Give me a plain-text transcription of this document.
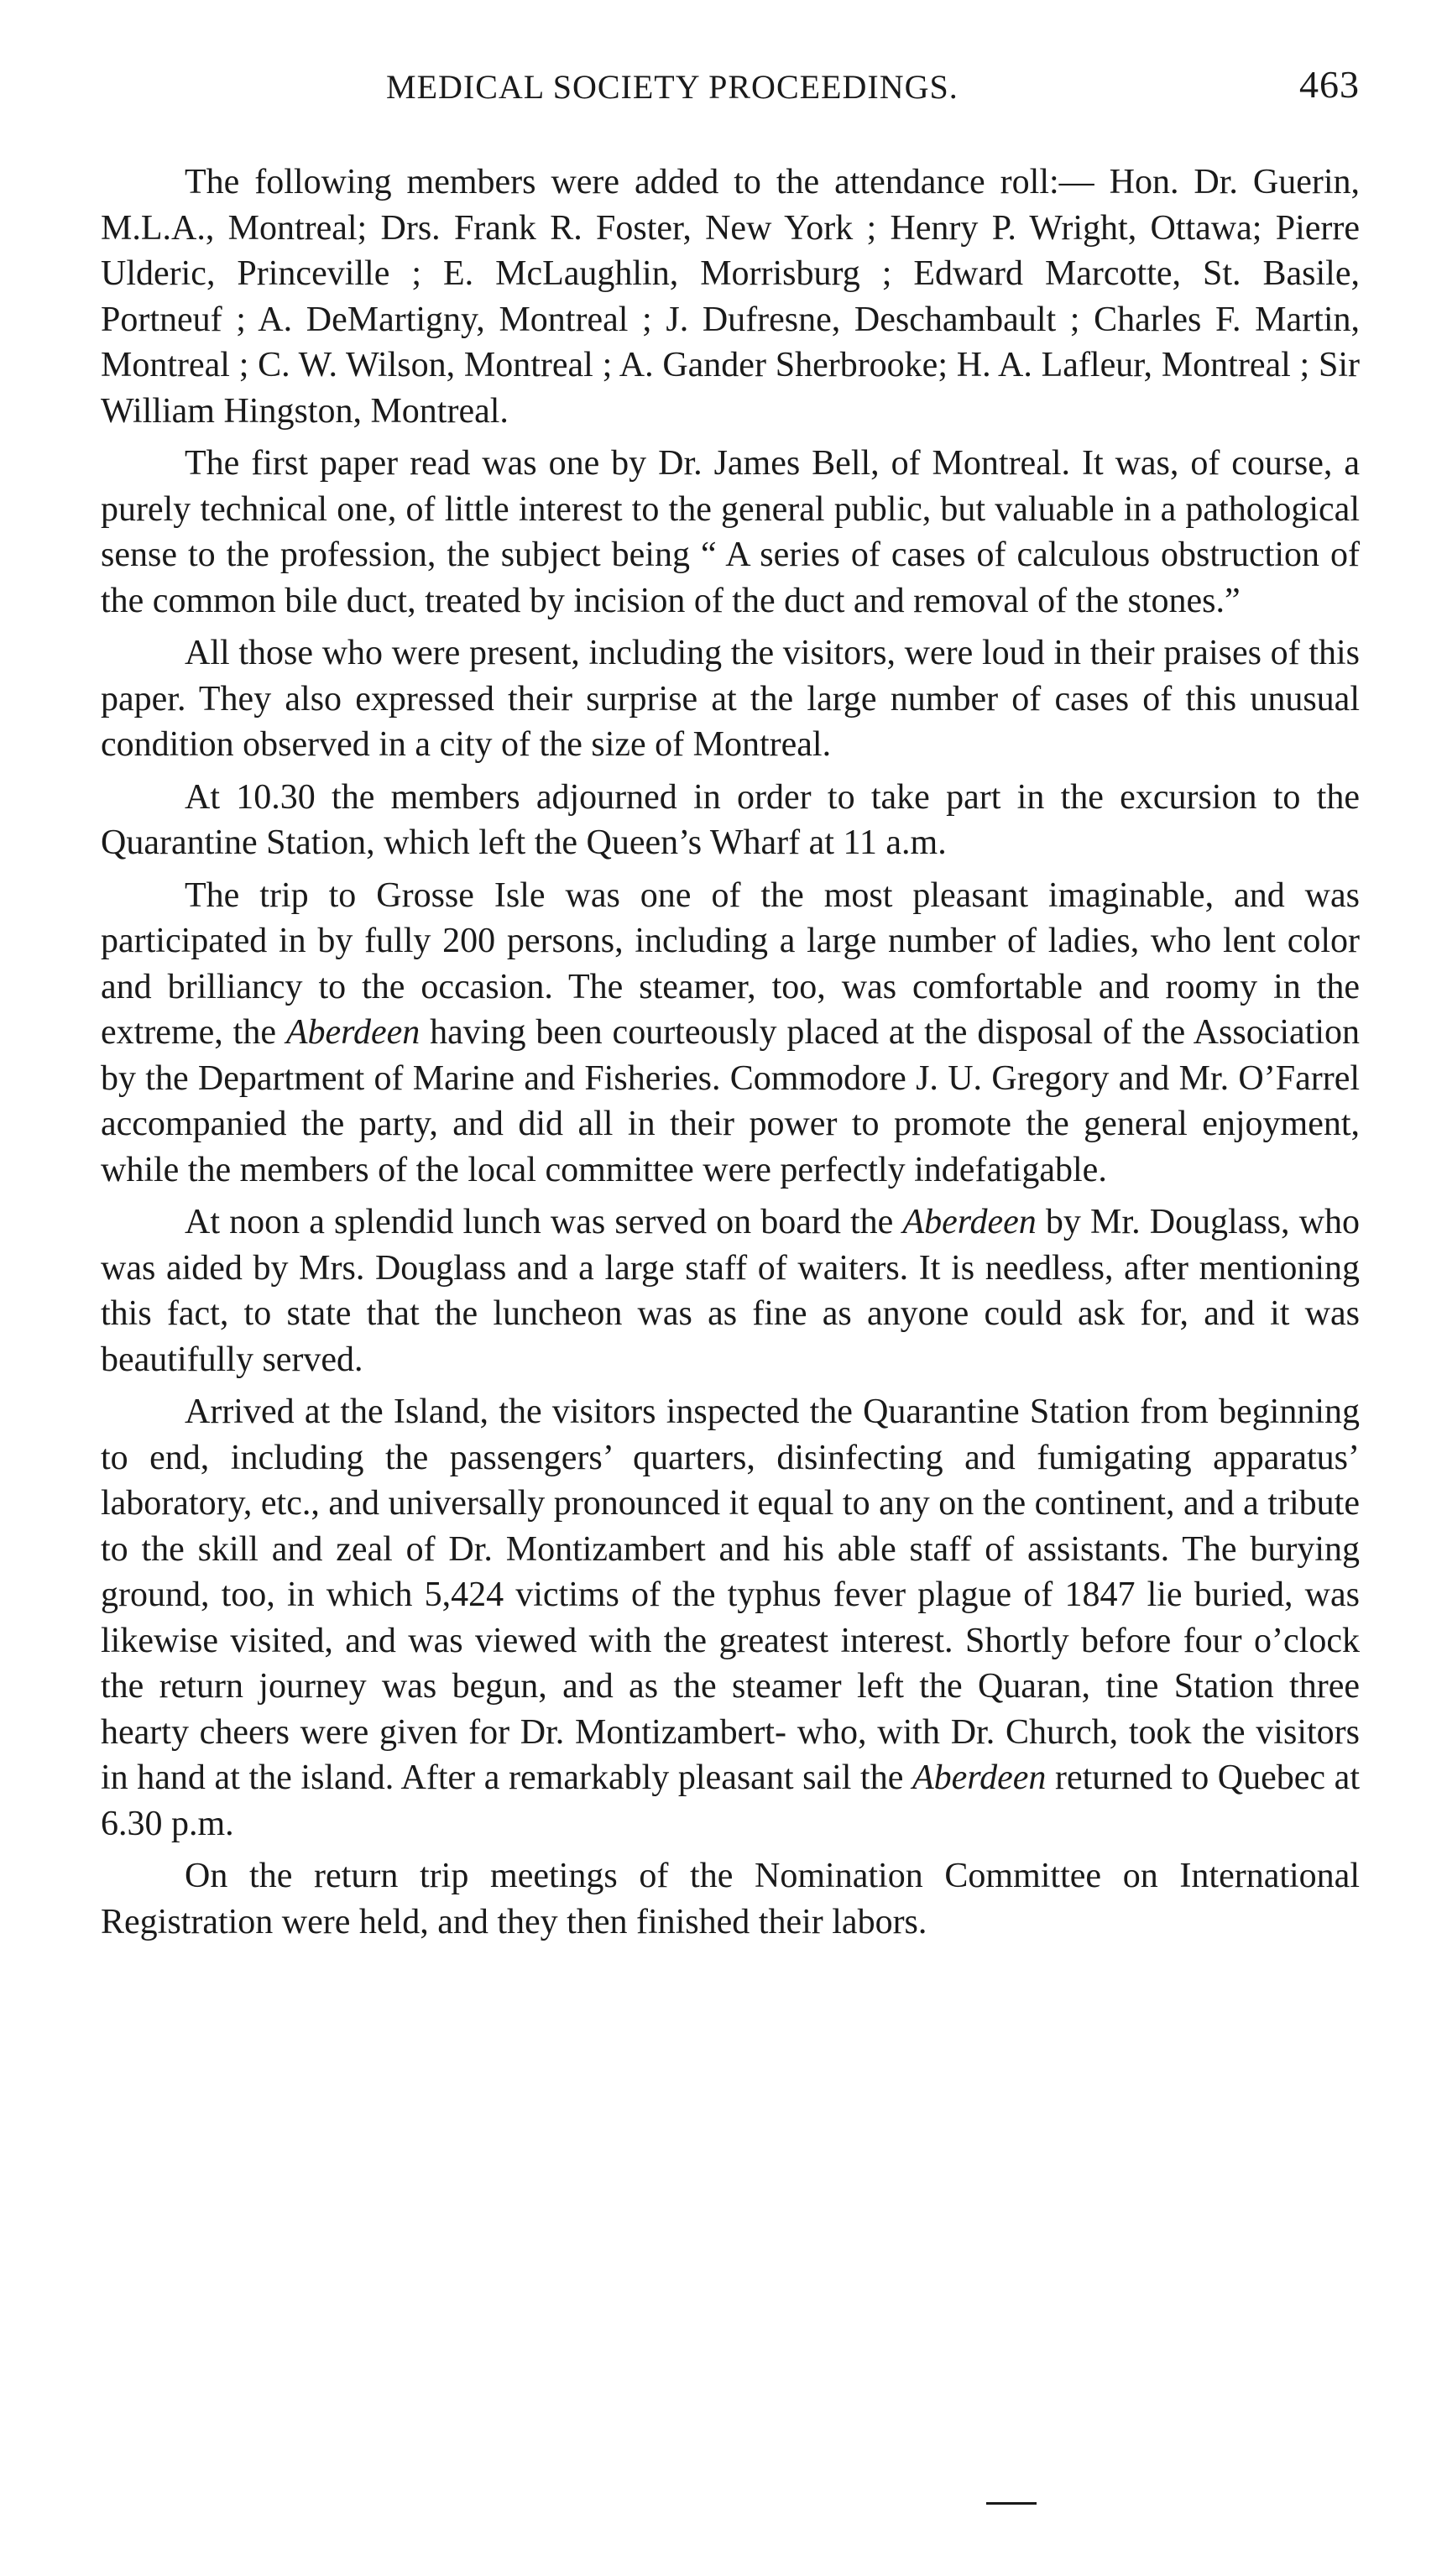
MEDICAL SOCIETY PROCEEDINGS.	463

The following members were added to the attendance roll:— Hon. Dr. Guerin, M.L.A., Montreal; Drs. Frank R. Foster, New York ; Henry P. Wright, Ottawa; Pierre Ulderic, Princeville ; E. McLaughlin, Morrisburg ; Edward Marcotte, St. Basile, Portneuf ; A. DeMartigny, Montreal ; J. Dufresne, Deschambault ; Charles F. Martin, Montreal ; C. W. Wilson, Montreal ; A. Gander Sherbrooke; H. A. Lafleur, Montreal ; Sir William Hingston, Montreal.

The first paper read was one by Dr. James Bell, of Montreal. It was, of course, a purely technical one, of little interest to the general public, but valuable in a pathological sense to the profession, the subject being “ A series of cases of calculous obstruction of the common bile duct, treated by incision of the duct and removal of the stones.”

All those who were present, including the visitors, were loud in their praises of this paper. They also expressed their surprise at the large number of cases of this unusual condition observed in a city of the size of Montreal.

At 10.30 the members adjourned in order to take part in the excursion to the Quarantine Station, which left the Queen’s Wharf at 11 a.m.

The trip to Grosse Isle was one of the most pleasant imaginable, and was participated in by fully 200 persons, including a large number of ladies, who lent color and brilliancy to the occasion. The steamer, too, was comfortable and roomy in the extreme, the Aberdeen having been courteously placed at the disposal of the Association by the Department of Marine and Fisheries. Commodore J. U. Gregory and Mr. O’Farrel accompanied the party, and did all in their power to promote the general enjoyment, while the members of the local committee were perfectly indefatigable.

At noon a splendid lunch was served on board the Aberdeen by Mr. Douglass, who was aided by Mrs. Douglass and a large staff of waiters. It is needless, after mentioning this fact, to state that the luncheon was as fine as anyone could ask for, and it was beautifully served.

Arrived at the Island, the visitors inspected the Quarantine Station from beginning to end, including the passengers’ quarters, disinfecting and fumigating apparatus’ laboratory, etc., and universally pronounced it equal to any on the continent, and a tribute to the skill and zeal of Dr. Montizambert and his able staff of assistants. The burying ground, too, in which 5,424 victims of the typhus fever plague of 1847 lie buried, was likewise visited, and was viewed with the greatest interest. Shortly before four o’clock the return journey was begun, and as the steamer left the Quaran, tine Station three hearty cheers were given for Dr. Montizambert- who, with Dr. Church, took the visitors in hand at the island. After a remarkably pleasant sail the Aberdeen returned to Quebec at 6.30 p.m.

On the return trip meetings of the Nomination Committee on International Registration were held, and they then finished their labors.
